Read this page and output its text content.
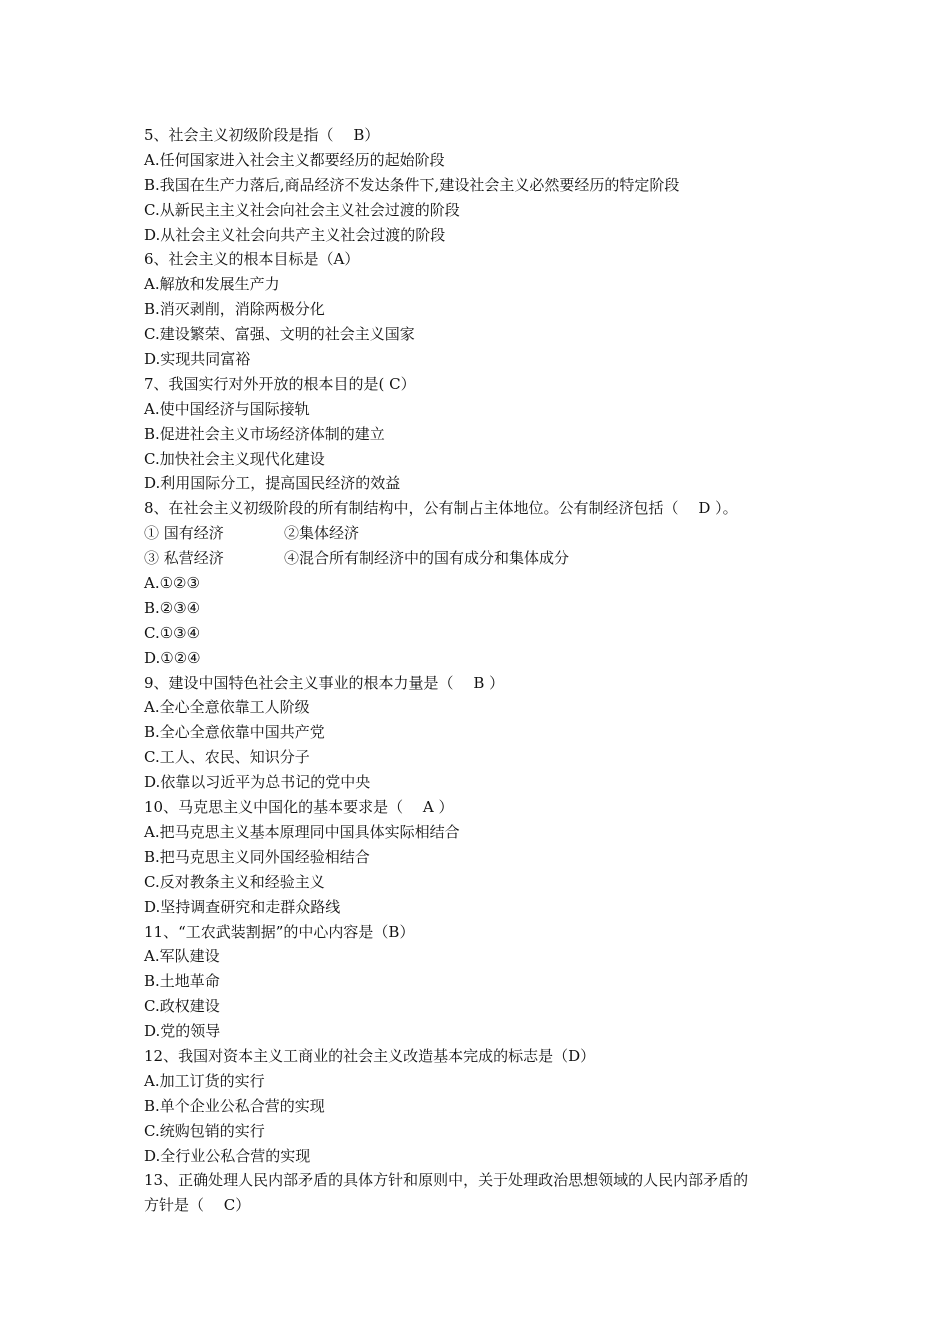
5、社会主义初级阶段是指（　 B）
A.任何国家进入社会主义都要经历的起始阶段
B.我国在生产力落后,商品经济不发达条件下,建设社会主义必然要经历的特定阶段
C.从新民主主义社会向社会主义社会过渡的阶段
D.从社会主义社会向共产主义社会过渡的阶段
6、社会主义的根本目标是（A）
A.解放和发展生产力
B.消灭剥削，消除两极分化
C.建设繁荣、富强、文明的社会主义国家
D.实现共同富裕
7、我国实行对外开放的根本目的是( C）
A.使中国经济与国际接轨
B.促进社会主义市场经济体制的建立
C.加快社会主义现代化建设
D.利用国际分工，提高国民经济的效益
8、在社会主义初级阶段的所有制结构中，公有制占主体地位。公有制经济包括（　 D ）。
① 国有经济	②集体经济
③ 私营经济	④混合所有制经济中的国有成分和集体成分
A.①②③
B.②③④
C.①③④
D.①②④
9、建设中国特色社会主义事业的根本力量是（　 B ）
A.全心全意依靠工人阶级
B.全心全意依靠中国共产党
C.工人、农民、知识分子
D.依靠以习近平为总书记的党中央
10、马克思主义中国化的基本要求是（　 A ）
A.把马克思主义基本原理同中国具体实际相结合
B.把马克思主义同外国经验相结合
C.反对教条主义和经验主义
D.坚持调查研究和走群众路线
11、“工农武装割据”的中心内容是（B）
A.军队建设
B.土地革命
C.政权建设
D.党的领导
12、我国对资本主义工商业的社会主义改造基本完成的标志是（D）
A.加工订货的实行
B.单个企业公私合营的实现
C.统购包销的实行
D.全行业公私合营的实现
13、正确处理人民内部矛盾的具体方针和原则中，关于处理政治思想领域的人民内部矛盾的
方针是（　 C）
